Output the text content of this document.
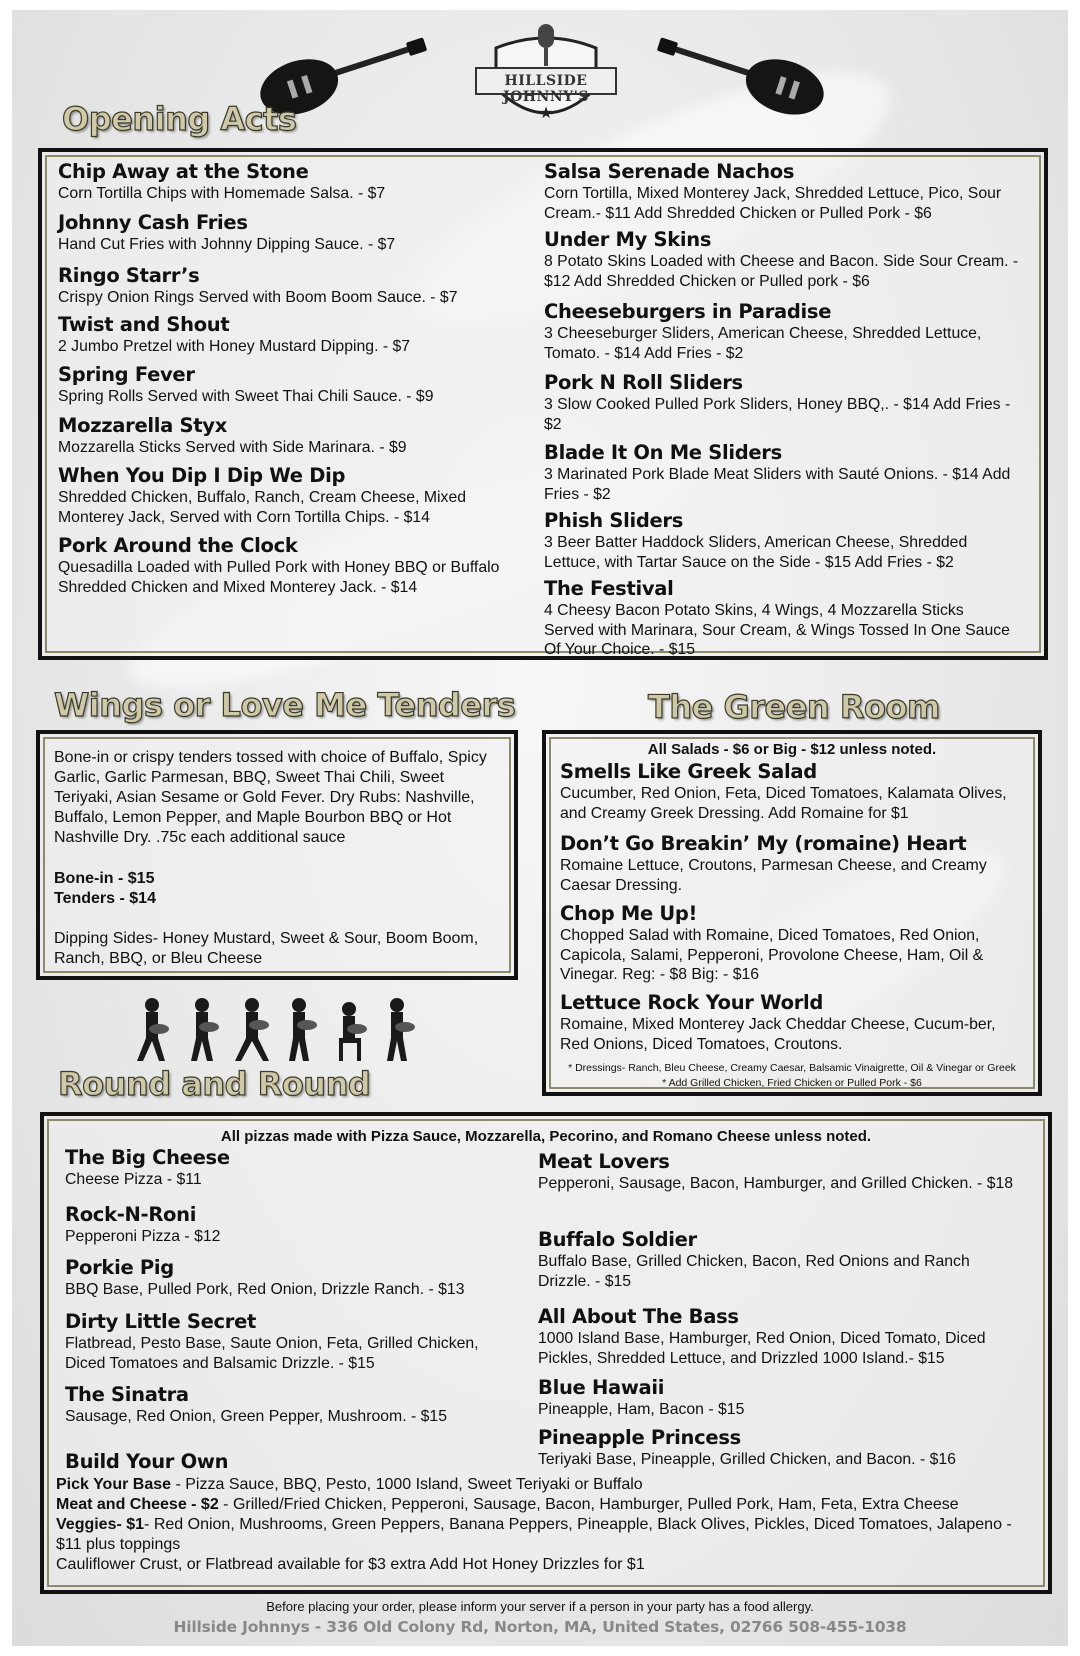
★
HILLSIDE JOHNNY'S
Opening Acts
Chip Away at the Stone
Corn Tortilla Chips with Homemade Salsa. - $7
Johnny Cash Fries
Hand Cut Fries with Johnny Dipping Sauce. - $7
Ringo Starr’s
Crispy Onion Rings Served with Boom Boom Sauce. - $7
Twist and Shout
2 Jumbo Pretzel with Honey Mustard Dipping. - $7
Spring Fever
Spring Rolls Served with Sweet Thai Chili Sauce. - $9
Mozzarella Styx
Mozzarella Sticks Served with Side Marinara. - $9
When You Dip I Dip We Dip
Shredded Chicken, Buffalo, Ranch, Cream Cheese, Mixed Monterey Jack, Served with Corn Tortilla Chips. - $14
Pork Around the Clock
Quesadilla Loaded with Pulled Pork with Honey BBQ or Buffalo Shredded Chicken and Mixed Monterey Jack. - $14
Salsa Serenade Nachos
Corn Tortilla, Mixed Monterey Jack, Shredded Lettuce, Pico, Sour Cream.- $11 Add Shredded Chicken or Pulled Pork - $6
Under My Skins
8 Potato Skins Loaded with Cheese and Bacon. Side Sour Cream. - $12 Add Shredded Chicken or Pulled pork - $6
Cheeseburgers in Paradise
3 Cheeseburger Sliders, American Cheese, Shredded Lettuce, Tomato. - $14 Add Fries - $2
Pork N Roll Sliders
3 Slow Cooked Pulled Pork Sliders, Honey BBQ,. - $14 Add Fries - $2
Blade It On Me Sliders
3 Marinated Pork Blade Meat Sliders with Sauté Onions. - $14 Add Fries - $2
Phish Sliders
3 Beer Batter Haddock Sliders, American Cheese, Shredded Lettuce, with Tartar Sauce on the Side - $15 Add Fries - $2
The Festival
4 Cheesy Bacon Potato Skins, 4 Wings, 4 Mozzarella Sticks Served with Marinara, Sour Cream, & Wings Tossed In One Sauce Of Your Choice. - $15
Wings or Love Me Tenders
Bone-in or crispy tenders tossed with choice of Buffalo, Spicy Garlic, Garlic Parmesan, BBQ, Sweet Thai Chili, Sweet Teriyaki, Asian Sesame or Gold Fever. Dry Rubs: Nashville, Buffalo, Lemon Pepper, and Maple Bourbon BBQ or Hot Nashville Dry. .75c each additional sauce
Bone-in - $15
Tenders - $14
Dipping Sides- Honey Mustard, Sweet & Sour, Boom Boom, Ranch, BBQ, or Bleu Cheese
The Green Room
All Salads - $6 or Big - $12 unless noted.
Smells Like Greek Salad
Cucumber, Red Onion, Feta, Diced Tomatoes, Kalamata Olives, and Creamy Greek Dressing. Add Romaine for $1
Don’t Go Breakin’ My (romaine) Heart
Romaine Lettuce, Croutons, Parmesan Cheese, and Creamy Caesar Dressing.
Chop Me Up!
Chopped Salad with Romaine, Diced Tomatoes, Red Onion, Capicola, Salami, Pepperoni, Provolone Cheese, Ham, Oil & Vinegar. Reg: - $8 Big: - $16
Lettuce Rock Your World
Romaine, Mixed Monterey Jack Cheddar Cheese, Cucum-ber, Red Onions, Diced Tomatoes, Croutons.
* Dressings- Ranch, Bleu Cheese, Creamy Caesar, Balsamic Vinaigrette, Oil & Vinegar or Greek
* Add Grilled Chicken, Fried Chicken or Pulled Pork - $6
Round and Round
All pizzas made with Pizza Sauce, Mozzarella, Pecorino, and Romano Cheese unless noted.
The Big Cheese
Cheese Pizza - $11
Rock-N-Roni
Pepperoni Pizza - $12
Porkie Pig
BBQ Base, Pulled Pork, Red Onion, Drizzle Ranch. - $13
Dirty Little Secret
Flatbread, Pesto Base, Saute Onion, Feta, Grilled Chicken, Diced Tomatoes and Balsamic Drizzle. - $15
The Sinatra
Sausage, Red Onion, Green Pepper, Mushroom. - $15
Meat Lovers
Pepperoni, Sausage, Bacon, Hamburger, and Grilled Chicken. - $18
Buffalo Soldier
Buffalo Base, Grilled Chicken, Bacon, Red Onions and Ranch Drizzle. - $15
All About The Bass
1000 Island Base, Hamburger, Red Onion, Diced Tomato, Diced Pickles, Shredded Lettuce, and Drizzled 1000 Island.- $15
Blue Hawaii
Pineapple, Ham, Bacon - $15
Pineapple Princess
Teriyaki Base, Pineapple, Grilled Chicken, and Bacon. - $16
Build Your Own
Pick Your Base - Pizza Sauce, BBQ, Pesto, 1000 Island, Sweet Teriyaki or Buffalo
Meat and Cheese - $2 - Grilled/Fried Chicken, Pepperoni, Sausage, Bacon, Hamburger, Pulled Pork, Ham, Feta, Extra Cheese
Veggies- $1- Red Onion, Mushrooms, Green Peppers, Banana Peppers, Pineapple, Black Olives, Pickles, Diced Tomatoes, Jalapeno - $11 plus toppings
Cauliflower Crust, or Flatbread available for $3 extra Add Hot Honey Drizzles for $1
Before placing your order, please inform your server if a person in your party has a food allergy.
Hillside Johnnys - 336 Old Colony Rd, Norton, MA, United States, 02766 508-455-1038
